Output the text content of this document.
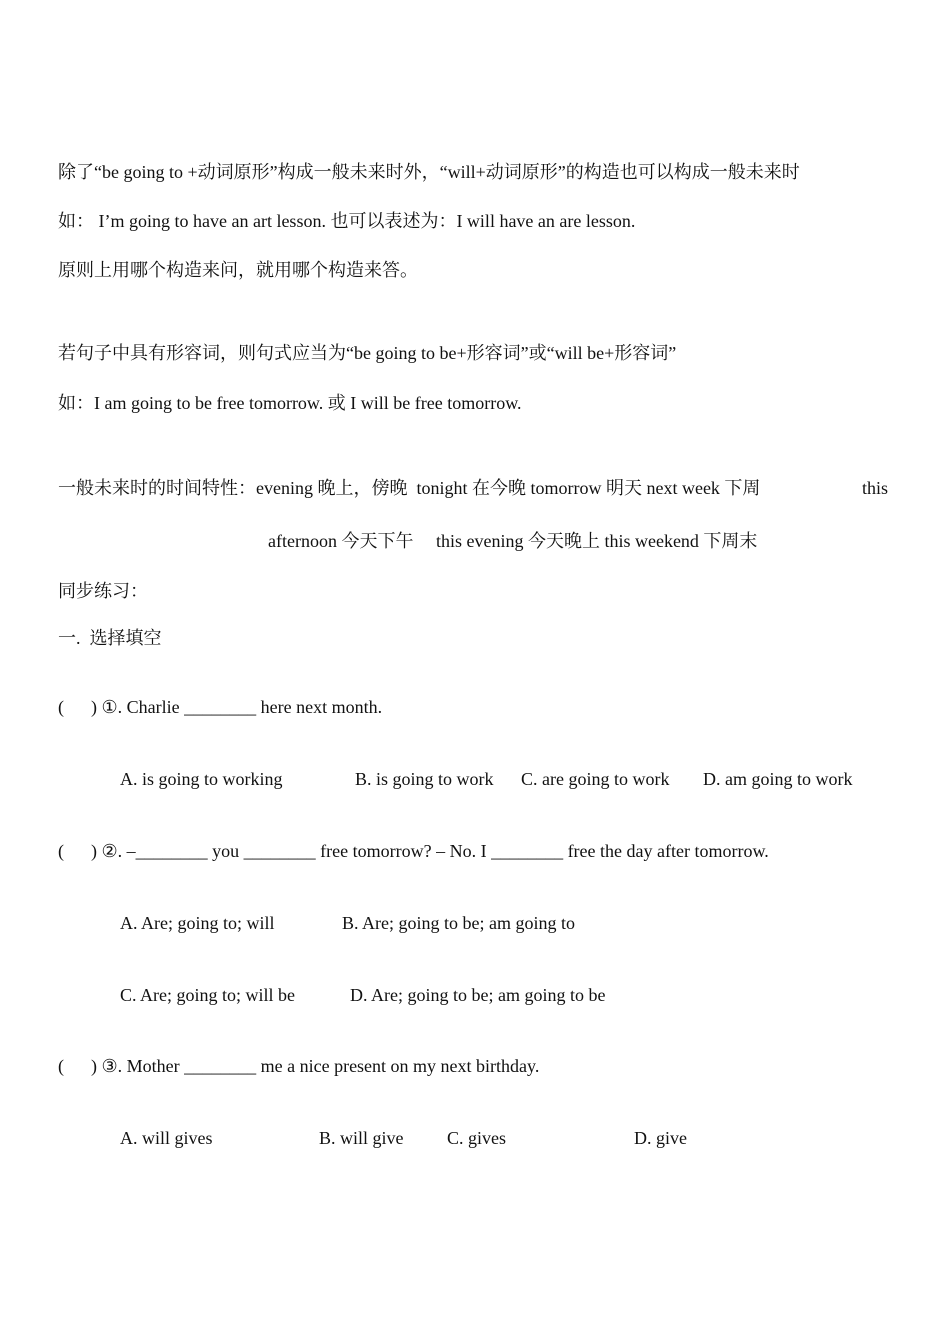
除了“be going to +动词原形”构成一般未来时外，“will+动词原形”的构造也可以构成一般未来时
如： I’m going to have an art lesson. 也可以表述为：I will have an are lesson.
原则上用哪个构造来问，就用哪个构造来答。
若句子中具有形容词，则句式应当为“be going to be+形容词”或“will be+形容词”
如：I am going to be free tomorrow. 或 I will be free tomorrow.
一般未来时的时间特性：evening 晚上，傍晚  tonight 在今晚 tomorrow 明天 next week 下周	this
afternoon 今天下午     this evening 今天晚上 this weekend 下周末
同步练习：
一.  选择填空
(      ) ①. Charlie ________ here next month.
A. is going to working	B. is going to work C. are going to work D. am going to work
(      ) ②. –________ you ________ free tomorrow? – No. I ________ free the day after tomorrow.
A. Are; going to; will	B. Are; going to be; am going to
C. Are; going to; will be	D. Are; going to be; am going to be
(      ) ③. Mother ________ me a nice present on my next birthday.
A. will gives	B. will give C. gives	D. give
